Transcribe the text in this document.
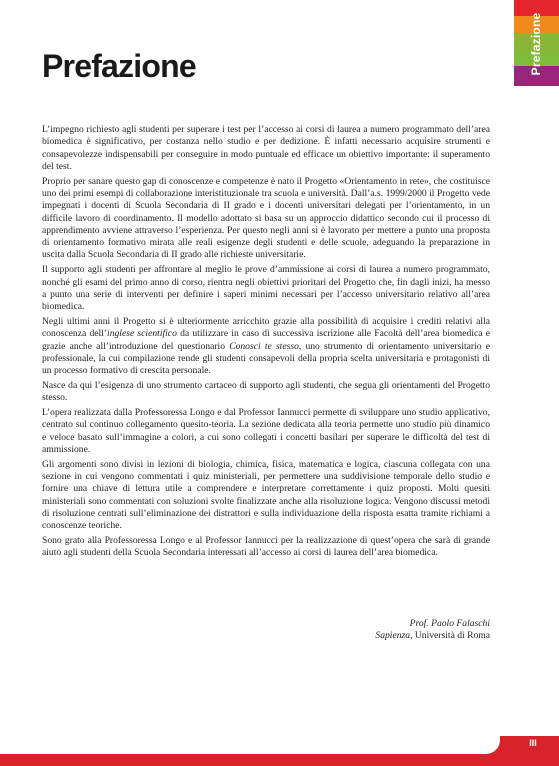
Prefazione
Prefazione

L’impegno richiesto agli studenti per superare i test per l’accesso ai corsi di laurea a numero programmato dell’area biomedica è significativo, per costanza nello studio e per dedizione. È infatti necessario acquisire strumenti e consapevolezze indispensabili per conseguire in modo puntuale ed efficace un obiettivo importante: il superamento del test.

Proprio per sanare questo gap di conoscenze e competenze è nato il Progetto «Orientamento in rete», che costituisce uno dei primi esempi di collaborazione interistituzionale tra scuola e università. Dall’a.s. 1999/2000 il Progetto vede impegnati i docenti di Scuola Secondaria di II grado e i docenti universitari delegati per l’orientamento, in un difficile lavoro di coordinamento. Il modello adottato si basa su un approccio didattico secondo cui il processo di apprendimento avviene attraverso l’esperienza. Per questo negli anni si è lavorato per mettere a punto una proposta di orientamento formativo mirata alle reali esigenze degli studenti e delle scuole, adeguando la preparazione in uscita dalla Scuola Secondaria di II grado alle richieste universitarie.

Il supporto agli studenti per affrontare al meglio le prove d’ammissione ai corsi di laurea a numero programmato, nonché gli esami del primo anno di corso, rientra negli obiettivi prioritari del Progetto che, fin dagli inizi, ha messo a punto una serie di interventi per definire i saperi minimi necessari per l’accesso universitario relativo all’area biomedica.

Negli ultimi anni il Progetto si è ulteriormente arricchito grazie alla possibilità di acquisire i crediti relativi alla conoscenza dell’inglese scientifico da utilizzare in caso di successiva iscrizione alle Facoltà dell’area biomedica e grazie anche all’introduzione del questionario Conosci te stesso, uno strumento di orientamento universitario e professionale, la cui compilazione rende gli studenti consapevoli della propria scelta universitaria e protagonisti di un processo formativo di crescita personale.

Nasce da qui l’esigenza di uno strumento cartaceo di supporto agli studenti, che segua gli orientamenti del Progetto stesso.

L’opera realizzata dalla Professoressa Longo e dal Professor Iannucci permette di sviluppare uno studio applicativo, centrato sul continuo collegamento quesito-teoria. La sezione dedicata alla teoria permette uno studio più dinamico e veloce basato sull’immagine a colori, a cui sono collegati i concetti basilari per superare le difficoltà del test di ammissione.

Gli argomenti sono divisi in lezioni di biologia, chimica, fisica, matematica e logica, ciascuna collegata con una sezione in cui vengono commentati i quiz ministeriali, per permettere una suddivisione temporale dello studio e fornire una chiave di lettura utile a comprendere e interpretare correttamente i quiz proposti. Molti quesiti ministeriali sono commentati con soluzioni svolte finalizzate anche alla risoluzione logica. Vengono discussi metodi di risoluzione centrati sull’eliminazione dei distrattori e sulla individuazione della risposta esatta tramite richiami a conoscenze teoriche.

Sono grato alla Professoressa Longo e al Professor Iannucci per la realizzazione di quest’opera che sarà di grande aiuto agli studenti della Scuola Secondaria interessati all’accesso ai corsi di laurea dell’area biomedica.

Prof. Paolo Falaschi
Sapienza, Università di Roma
III
